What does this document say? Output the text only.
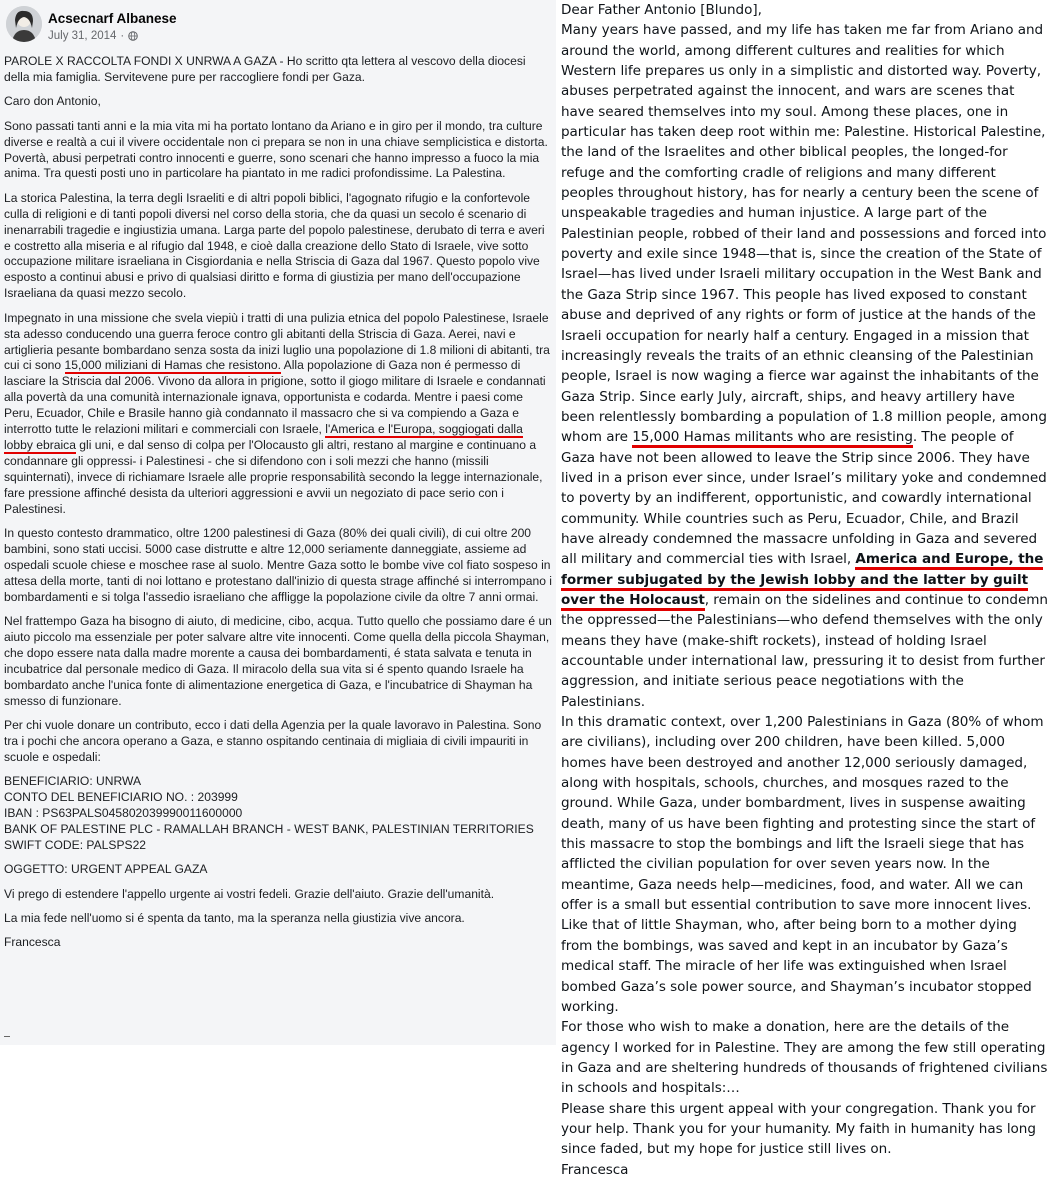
Acsecnarf Albanese
July 31, 2014 ·

PAROLE X RACCOLTA FONDI X UNRWA A GAZA - Ho scritto qta lettera al vescovo della diocesi della mia famiglia. Servitevene pure per raccogliere fondi per Gaza.

Caro don Antonio,

Sono passati tanti anni e la mia vita mi ha portato lontano da Ariano e in giro per il mondo, tra culture diverse e realtà a cui il vivere occidentale non ci prepara se non in una chiave semplicistica e distorta. Povertà, abusi perpetrati contro innocenti e guerre, sono scenari che hanno impresso a fuoco la mia anima. Tra questi posti uno in particolare ha piantato in me radici profondissime. La Palestina.

La storica Palestina, la terra degli Israeliti e di altri popoli biblici, l'agognato rifugio e la confortevole culla di religioni e di tanti popoli diversi nel corso della storia, che da quasi un secolo é scenario di inenarrabili tragedie e ingiustizia umana. Larga parte del popolo palestinese, derubato di terra e averi e costretto alla miseria e al rifugio dal 1948, e cioè dalla creazione dello Stato di Israele, vive sotto occupazione militare israeliana in Cisgiordania e nella Striscia di Gaza dal 1967. Questo popolo vive esposto a continui abusi e privo di qualsiasi diritto e forma di giustizia per mano dell'occupazione Israeliana da quasi mezzo secolo.

Impegnato in una missione che svela viepiù i tratti di una pulizia etnica del popolo Palestinese, Israele sta adesso conducendo una guerra feroce contro gli abitanti della Striscia di Gaza. Aerei, navi e artiglieria pesante bombardano senza sosta da inizi luglio una popolazione di 1.8 milioni di abitanti, tra cui ci sono 15,000 miliziani di Hamas che resistono. Alla popolazione di Gaza non é permesso di lasciare la Striscia dal 2006. Vivono da allora in prigione, sotto il giogo militare di Israele e condannati alla povertà da una comunità internazionale ignava, opportunista e codarda. Mentre i paesi come Peru, Ecuador, Chile e Brasile hanno già condannato il massacro che si va compiendo a Gaza e interrotto tutte le relazioni militari e commerciali con Israele, l'America e l'Europa, soggiogati dalla lobby ebraica gli uni, e dal senso di colpa per l'Olocausto gli altri, restano al margine e continuano a condannare gli oppressi- i Palestinesi - che si difendono con i soli mezzi che hanno (missili squinternati), invece di richiamare Israele alle proprie responsabilità secondo la legge internazionale, fare pressione affinché desista da ulteriori aggressioni e avvii un negoziato di pace serio con i Palestinesi.

In questo contesto drammatico, oltre 1200 palestinesi di Gaza (80% dei quali civili), di cui oltre 200 bambini, sono stati uccisi. 5000 case distrutte e altre 12,000 seriamente danneggiate, assieme ad ospedali scuole chiese e moschee rase al suolo. Mentre Gaza sotto le bombe vive col fiato sospeso in attesa della morte, tanti di noi lottano e protestano dall'inizio di questa strage affinché si interrompano i bombardamenti e si tolga l'assedio israeliano che affligge la popolazione civile da oltre 7 anni ormai.

Nel frattempo Gaza ha bisogno di aiuto, di medicine, cibo, acqua. Tutto quello che possiamo dare é un aiuto piccolo ma essenziale per poter salvare altre vite innocenti. Come quella della piccola Shayman, che dopo essere nata dalla madre morente a causa dei bombardamenti, é stata salvata e tenuta in incubatrice dal personale medico di Gaza. Il miracolo della sua vita si é spento quando Israele ha bombardato anche l'unica fonte di alimentazione energetica di Gaza, e l'incubatrice di Shayman ha smesso di funzionare.

Per chi vuole donare un contributo, ecco i dati della Agenzia per la quale lavoravo in Palestina. Sono tra i pochi che ancora operano a Gaza, e stanno ospitando centinaia di migliaia di civili impauriti in scuole e ospedali:

BENEFICIARIO: UNRWA

CONTO DEL BENEFICIARIO NO. : 203999

IBAN : PS63PALS045802039990011600000

BANK OF PALESTINE PLC - RAMALLAH BRANCH - WEST BANK, PALESTINIAN TERRITORIES

SWIFT CODE: PALSPS22

OGGETTO: URGENT APPEAL GAZA

Vi prego di estendere l'appello urgente ai vostri fedeli. Grazie dell'aiuto. Grazie dell'umanità.

La mia fede nell'uomo si é spenta da tanto, ma la speranza nella giustizia vive ancora.

Francesca

Dear Father Antonio [Blundo],

Many years have passed, and my life has taken me far from Ariano and around the world, among different cultures and realities for which Western life prepares us only in a simplistic and distorted way. Poverty, abuses perpetrated against the innocent, and wars are scenes that have seared themselves into my soul. Among these places, one in particular has taken deep root within me: Palestine. Historical Palestine, the land of the Israelites and other biblical peoples, the longed-for refuge and the comforting cradle of religions and many different peoples throughout history, has for nearly a century been the scene of unspeakable tragedies and human injustice. A large part of the Palestinian people, robbed of their land and possessions and forced into poverty and exile since 1948—that is, since the creation of the State of Israel—has lived under Israeli military occupation in the West Bank and the Gaza Strip since 1967. This people has lived exposed to constant abuse and deprived of any rights or form of justice at the hands of the Israeli occupation for nearly half a century. Engaged in a mission that increasingly reveals the traits of an ethnic cleansing of the Palestinian people, Israel is now waging a fierce war against the inhabitants of the Gaza Strip. Since early July, aircraft, ships, and heavy artillery have been relentlessly bombarding a population of 1.8 million people, among whom are 15,000 Hamas militants who are resisting. The people of Gaza have not been allowed to leave the Strip since 2006. They have lived in a prison ever since, under Israel’s military yoke and condemned to poverty by an indifferent, opportunistic, and cowardly international community. While countries such as Peru, Ecuador, Chile, and Brazil have already condemned the massacre unfolding in Gaza and severed all military and commercial ties with Israel, America and Europe, the former subjugated by the Jewish lobby and the latter by guilt over the Holocaust, remain on the sidelines and continue to condemn the oppressed—the Palestinians—who defend themselves with the only means they have (make-shift rockets), instead of holding Israel accountable under international law, pressuring it to desist from further aggression, and initiate serious peace negotiations with the Palestinians.

In this dramatic context, over 1,200 Palestinians in Gaza (80% of whom are civilians), including over 200 children, have been killed. 5,000 homes have been destroyed and another 12,000 seriously damaged, along with hospitals, schools, churches, and mosques razed to the ground. While Gaza, under bombardment, lives in suspense awaiting death, many of us have been fighting and protesting since the start of this massacre to stop the bombings and lift the Israeli siege that has afflicted the civilian population for over seven years now. In the meantime, Gaza needs help—medicines, food, and water. All we can offer is a small but essential contribution to save more innocent lives. Like that of little Shayman, who, after being born to a mother dying from the bombings, was saved and kept in an incubator by Gaza’s medical staff. The miracle of her life was extinguished when Israel bombed Gaza’s sole power source, and Shayman’s incubator stopped working.

For those who wish to make a donation, here are the details of the agency I worked for in Palestine. They are among the few still operating in Gaza and are sheltering hundreds of thousands of frightened civilians in schools and hospitals:…

Please share this urgent appeal with your congregation. Thank you for your help. Thank you for your humanity. My faith in humanity has long since faded, but my hope for justice still lives on.

Francesca
